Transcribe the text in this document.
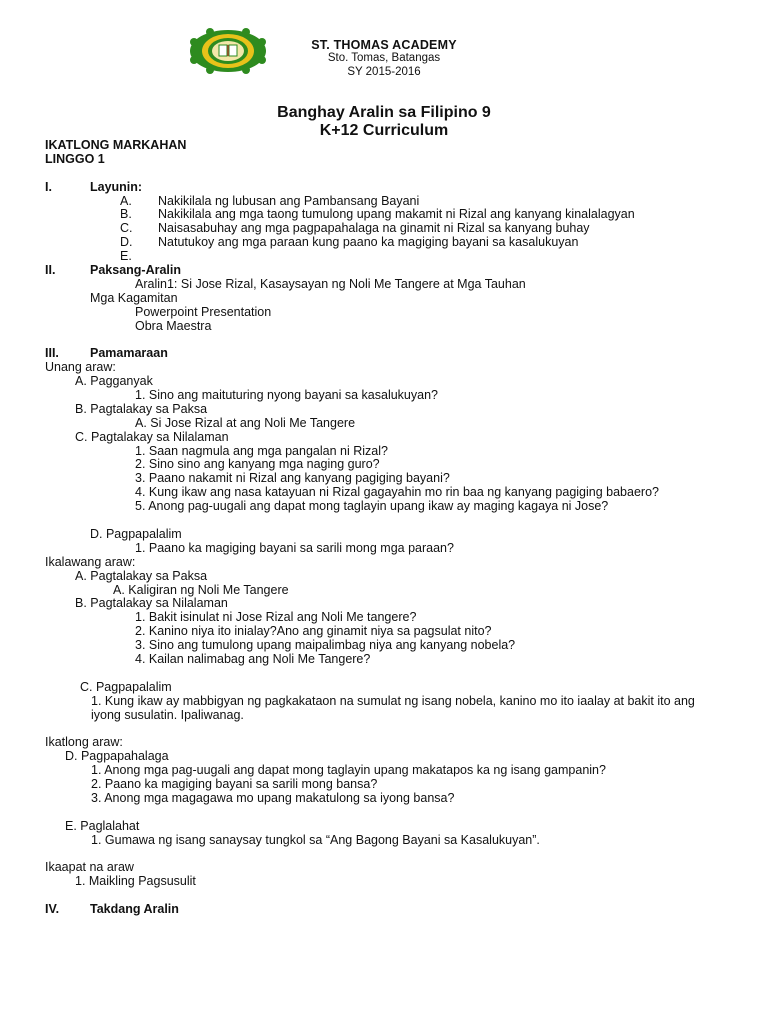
ST. THOMAS ACADEMY
Sto. Tomas, Batangas
SY 2015-2016
Banghay Aralin sa Filipino 9
K+12 Curriculum
IKATLONG MARKAHAN
LINGGO 1
I.	Layunin:
A. Nakikilala ng lubusan ang Pambansang Bayani
B. Nakikilala ang mga taong tumulong upang makamit ni Rizal ang kanyang kinalalagyan
C. Naisasabuhay ang mga pagpapahalaga na ginamit ni Rizal sa kanyang buhay
D. Natutukoy ang mga paraan kung paano ka magiging bayani sa kasalukuyan
E.
II.	Paksang-Aralin
Aralin1: Si Jose Rizal, Kasaysayan ng Noli Me Tangere at Mga Tauhan
Mga Kagamitan
Powerpoint Presentation
Obra Maestra
III. Pamamaraan
Unang araw:
A. Pagganyak
1. Sino ang maituturing nyong bayani sa kasalukuyan?
B. Pagtalakay sa Paksa
A. Si Jose Rizal at ang Noli Me Tangere
C. Pagtalakay sa Nilalaman
1. Saan nagmula ang mga pangalan ni Rizal?
2. Sino sino ang kanyang mga naging guro?
3. Paano nakamit ni Rizal ang kanyang pagiging bayani?
4. Kung ikaw ang nasa katayuan ni Rizal gagayahin mo rin baa ng kanyang pagiging babaero?
5. Anong pag-uugali ang dapat mong taglayin upang ikaw ay maging kagaya ni Jose?
D. Pagpapalalim
1. Paano ka magiging bayani sa sarili mong mga paraan?
Ikalawang araw:
A. Pagtalakay sa Paksa
A. Kaligiran ng Noli Me Tangere
B. Pagtalakay sa Nilalaman
1. Bakit isinulat ni Jose Rizal ang Noli Me tangere?
2. Kanino niya ito inialay?Ano ang ginamit niya sa pagsulat nito?
3. Sino ang tumulong upang maipalimbag niya ang kanyang nobela?
4. Kailan nalimabag ang Noli Me Tangere?
C. Pagpapalalim
1. Kung ikaw ay mabbigyan ng pagkakataon na sumulat ng isang nobela, kanino mo ito iaalay at bakit ito ang iyong susulatin. Ipaliwanag.
Ikatlong araw:
D. Pagpapahalaga
1. Anong mga pag-uugali ang dapat mong taglayin upang makatapos ka ng isang gampanin?
2. Paano ka magiging bayani sa sarili mong bansa?
3. Anong mga magagawa mo upang makatulong sa iyong bansa?
E. Paglalahat
1. Gumawa ng isang sanaysay tungkol sa “Ang Bagong Bayani sa Kasalukuyan”.
Ikaapat na araw
1. Maikling Pagsusulit
IV. Takdang Aralin
